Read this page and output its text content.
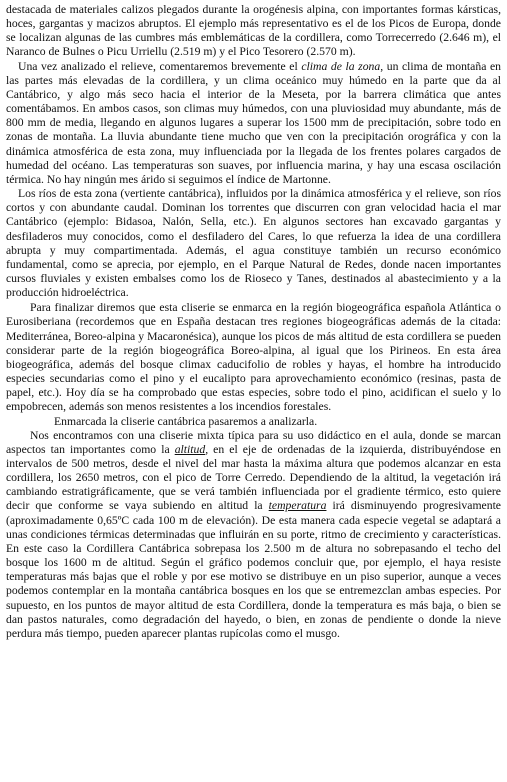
destacada de materiales calizos plegados durante la orogénesis alpina, con importantes formas kársticas, hoces, gargantas y macizos abruptos. El ejemplo más representativo es el de los Picos de Europa, donde se localizan algunas de las cumbres más emblemáticas de la cordillera, como Torrecerredo (2.646 m), el Naranco de Bulnes o Picu Urriellu (2.519 m) y el Pico Tesorero (2.570 m).

Una vez analizado el relieve, comentaremos brevemente el clima de la zona, un clima de montaña en las partes más elevadas de la cordillera, y un clima oceánico muy húmedo en la parte que da al Cantábrico, y algo más seco hacia el interior de la Meseta, por la barrera climática que antes comentábamos. En ambos casos, son climas muy húmedos, con una pluviosidad muy abundante, más de 800 mm de media, llegando en algunos lugares a superar los 1500 mm de precipitación, sobre todo en zonas de montaña. La lluvia abundante tiene mucho que ven con la precipitación orográfica y con la dinámica atmosférica de esta zona, muy influenciada por la llegada de los frentes polares cargados de humedad del océano. Las temperaturas son suaves, por influencia marina, y hay una escasa oscilación térmica. No hay ningún mes árido si seguimos el índice de Martonne.

Los ríos de esta zona (vertiente cantábrica), influidos por la dinámica atmosférica y el relieve, son ríos cortos y con abundante caudal. Dominan los torrentes que discurren con gran velocidad hacia el mar Cantábrico (ejemplo: Bidasoa, Nalón, Sella, etc.). En algunos sectores han excavado gargantas y desfiladeros muy conocidos, como el desfiladero del Cares, lo que refuerza la idea de una cordillera abrupta y muy compartimentada. Además, el agua constituye también un recurso económico fundamental, como se aprecia, por ejemplo, en el Parque Natural de Redes, donde nacen importantes cursos fluviales y existen embalses como los de Rioseco y Tanes, destinados al abastecimiento y a la producción hidroeléctrica.

Para finalizar diremos que esta cliserie se enmarca en la región biogeográfica española Atlántica o Eurosiberiana (recordemos que en España destacan tres regiones biogeográficas además de la citada: Mediterránea, Boreo-alpina y Macaronésica), aunque los picos de más altitud de esta cordillera se pueden considerar parte de la región biogeográfica Boreo-alpina, al igual que los Pirineos. En esta área biogeográfica, además del bosque climax caducifolio de robles y hayas, el hombre ha introducido especies secundarias como el pino y el eucalipto para aprovechamiento económico (resinas, pasta de papel, etc.). Hoy día se ha comprobado que estas especies, sobre todo el pino, acidifican el suelo y lo empobrecen, además son menos resistentes a los incendios forestales.

Enmarcada la cliserie cantábrica pasaremos a analizarla.

Nos encontramos con una cliserie mixta típica para su uso didáctico en el aula, donde se marcan aspectos tan importantes como la altitud, en el eje de ordenadas de la izquierda, distribuyéndose en intervalos de 500 metros, desde el nivel del mar hasta la máxima altura que podemos alcanzar en esta cordillera, los 2650 metros, con el pico de Torre Cerredo. Dependiendo de la altitud, la vegetación irá cambiando estratigráficamente, que se verá también influenciada por el gradiente térmico, esto quiere decir que conforme se vaya subiendo en altitud la temperatura irá disminuyendo progresivamente (aproximadamente 0,65ºC cada 100 m de elevación). De esta manera cada especie vegetal se adaptará a unas condiciones térmicas determinadas que influirán en su porte, ritmo de crecimiento y características. En este caso la Cordillera Cantábrica sobrepasa los 2.500 m de altura no sobrepasando el techo del bosque los 1600 m de altitud. Según el gráfico podemos concluir que, por ejemplo, el haya resiste temperaturas más bajas que el roble y por ese motivo se distribuye en un piso superior, aunque a veces podemos contemplar en la montaña cantábrica bosques en los que se entremezclan ambas especies. Por supuesto, en los puntos de mayor altitud de esta Cordillera, donde la temperatura es más baja, o bien se dan pastos naturales, como degradación del hayedo, o bien, en zonas de pendiente o donde la nieve perdura más tiempo, pueden aparecer plantas rupícolas como el musgo.
